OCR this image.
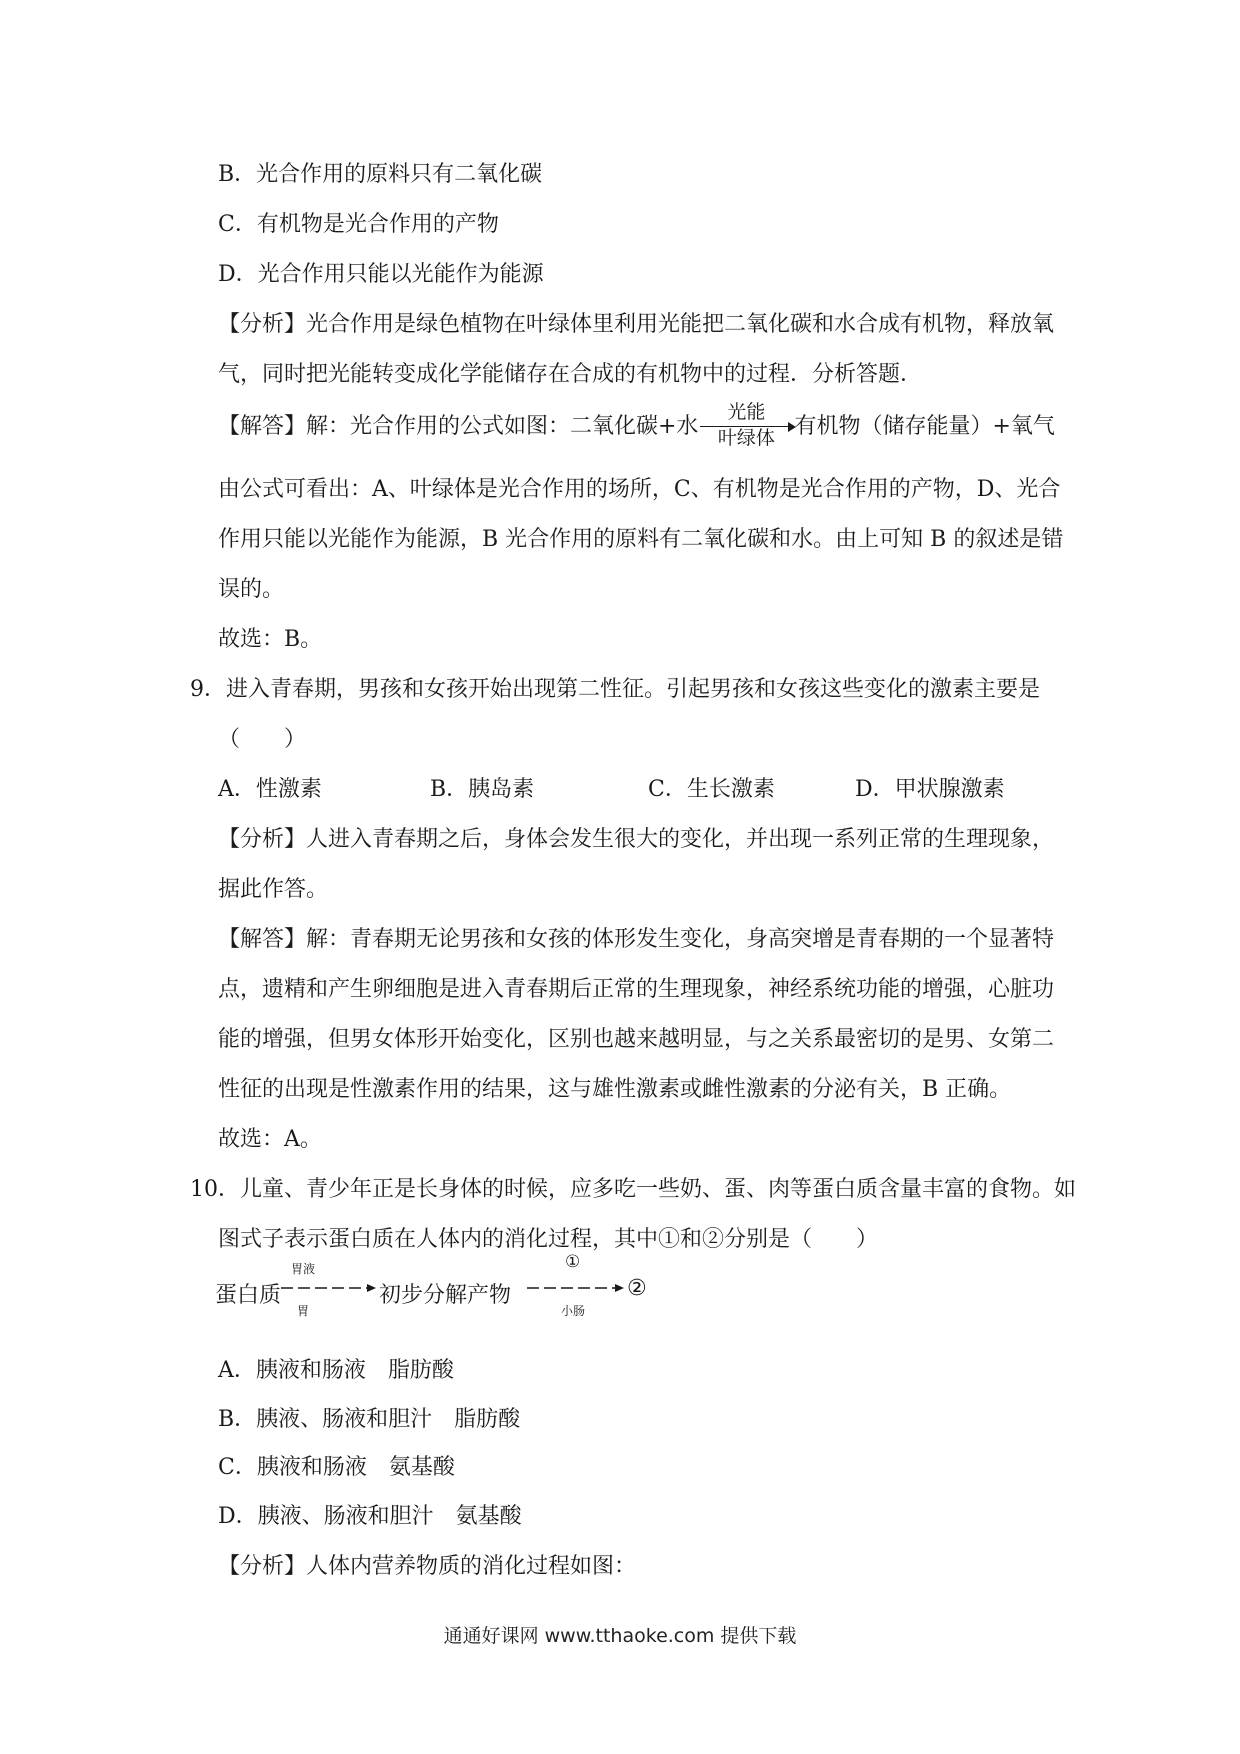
B．光合作用的原料只有二氧化碳
C．有机物是光合作用的产物
D．光合作用只能以光能作为能源
【分析】光合作用是绿色植物在叶绿体里利用光能把二氧化碳和水合成有机物，释放氧
气，同时把光能转变成化学能储存在合成的有机物中的过程．分析答题．
【解答】解：光合作用的公式如图：二氧化碳+水
光能
叶绿体 有机物（储存能量）+氧气
由公式可看出：A、叶绿体是光合作用的场所，C、有机物是光合作用的产物，D、光合
作用只能以光能作为能源，B 光合作用的原料有二氧化碳和水。由上可知 B 的叙述是错
误的。
故选：B。
9．进入青春期，男孩和女孩开始出现第二性征。引起男孩和女孩这些变化的激素主要是
（　　）
A．性激素	B．胰岛素	C．生长激素	D．甲状腺激素
【分析】人进入青春期之后，身体会发生很大的变化，并出现一系列正常的生理现象，
据此作答。
【解答】解：青春期无论男孩和女孩的体形发生变化，身高突增是青春期的一个显著特
点，遗精和产生卵细胞是进入青春期后正常的生理现象，神经系统功能的增强，心脏功
能的增强，但男女体形开始变化，区别也越来越明显，与之关系最密切的是男、女第二
性征的出现是性激素作用的结果，这与雄性激素或雌性激素的分泌有关，B 正确。
故选：A。
10．儿童、青少年正是长身体的时候，应多吃一些奶、蛋、肉等蛋白质含量丰富的食物。如
图式子表示蛋白质在人体内的消化过程，其中①和②分别是（　　）
蛋白质
胃液
胃
初步分解产物
①
小肠
②
A．胰液和肠液　脂肪酸
B．胰液、肠液和胆汁　脂肪酸
C．胰液和肠液　氨基酸
D．胰液、肠液和胆汁　氨基酸
【分析】人体内营养物质的消化过程如图：
通通好课网 www.tthaoke.com 提供下载
